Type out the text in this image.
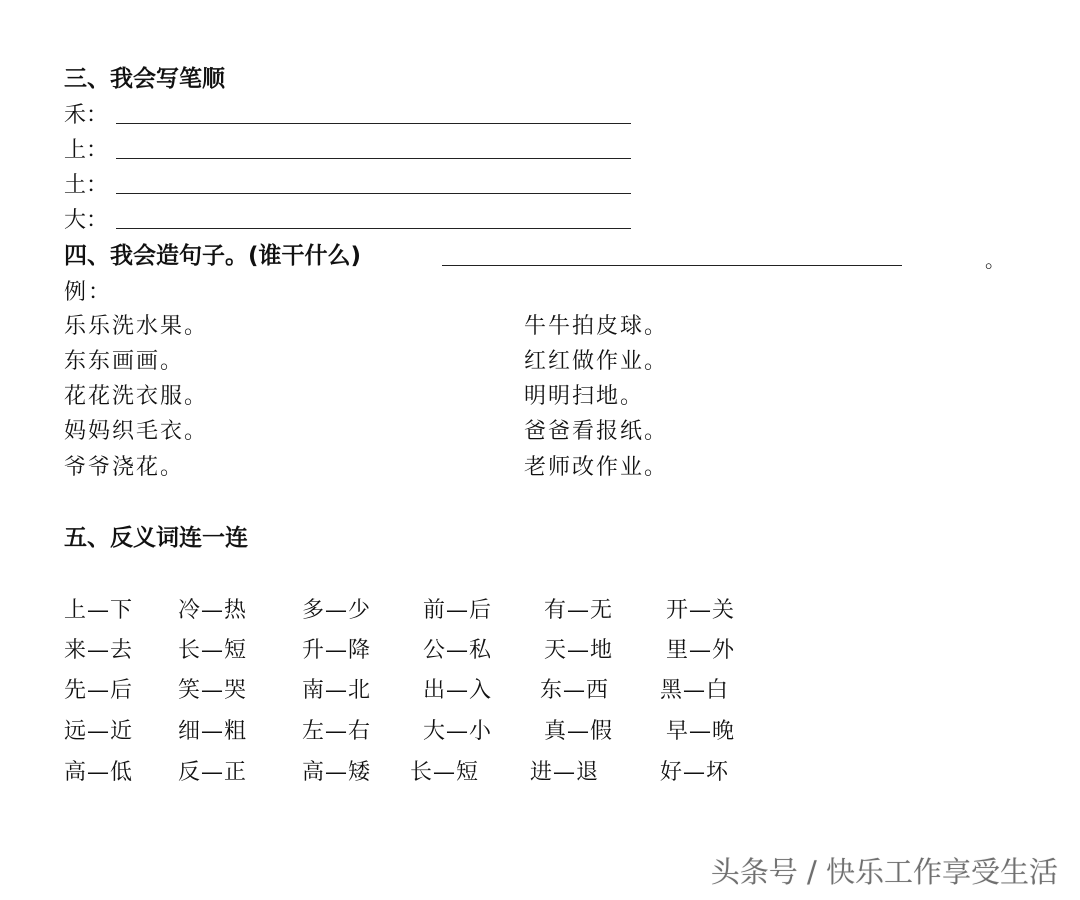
三、我会写笔顺
禾：
上：
土：
大：
四、我会造句子。(谁干什么)	。
例：
乐乐洗水果。
东东画画。
花花洗衣服。
妈妈织毛衣。
爷爷浇花。
牛牛拍皮球。
红红做作业。
明明扫地。
爸爸看报纸。
老师改作业。
五、反义词连一连
上—下 冷—热 多—少 前—后 有—无 开—关
来—去 长—短 升—降 公—私 天—地 里—外
先—后 笑—哭 南—北 出—入 东—西 黑—白
远—近 细—粗 左—右 大—小 真—假 早—晚
高—低 反—正 高—矮 长—短 进—退	好—坏
头条号 / 快乐工作享受生活
